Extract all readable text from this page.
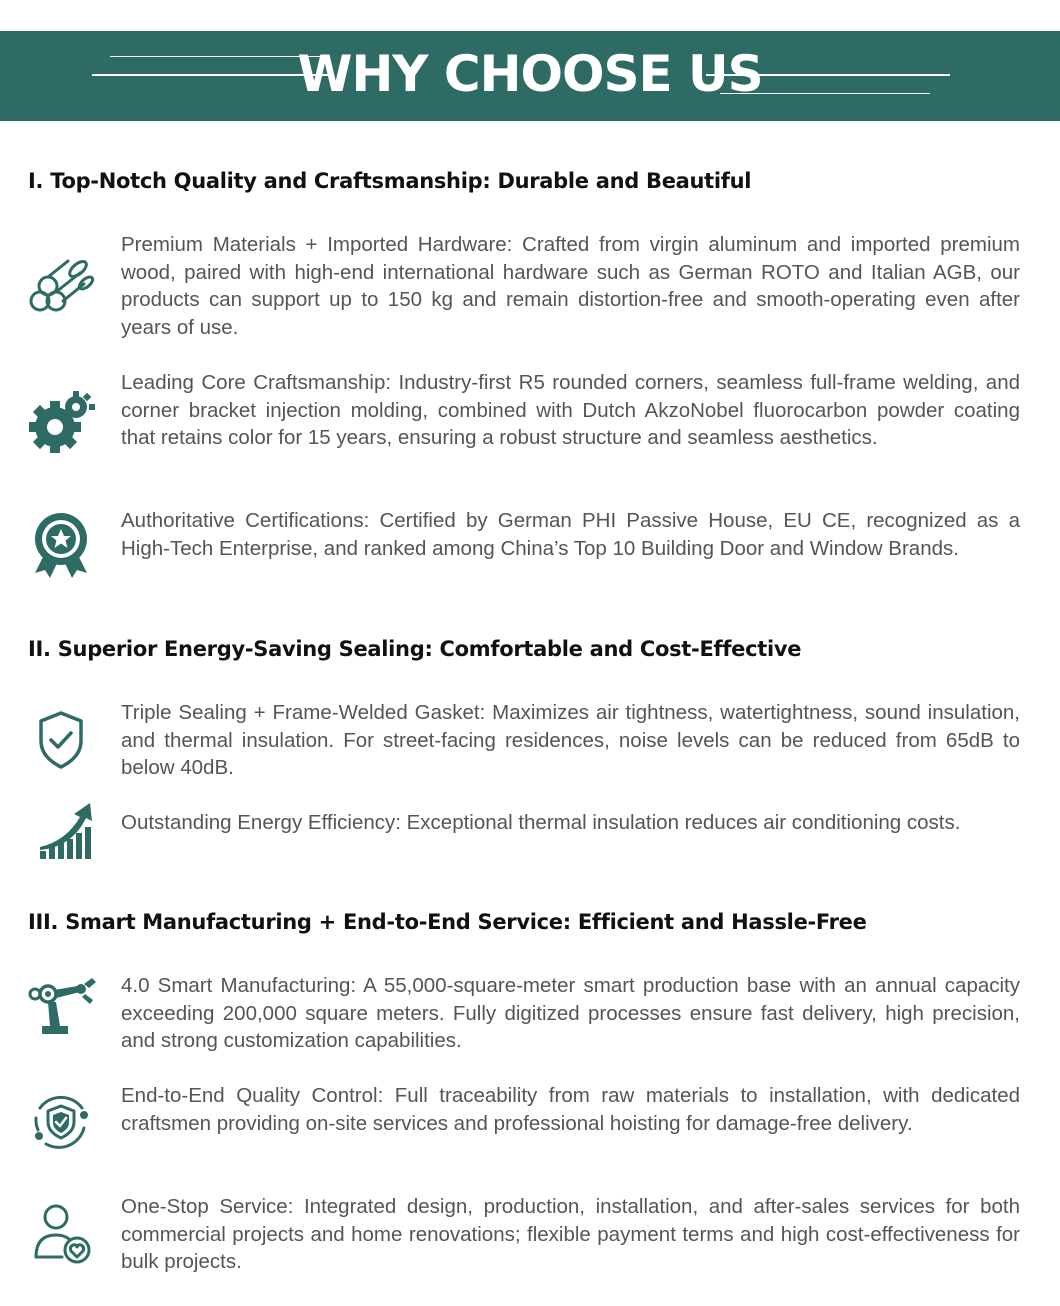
WHY CHOOSE US
I. Top-Notch Quality and Craftsmanship: Durable and Beautiful

Premium Materials + Imported Hardware: Crafted from virgin aluminum and imported premium wood, paired with high-end international hardware such as German ROTO and Italian AGB, our products can support up to 150 kg and remain distortion-free and smooth-operating even after years of use.

Leading Core Craftsmanship: Industry-first R5 rounded corners, seamless full-frame welding, and corner bracket injection molding, combined with Dutch AkzoNobel fluorocarbon powder coating that retains color for 15 years, ensuring a robust structure and seamless aesthetics.

Authoritative Certifications: Certified by German PHI Passive House, EU CE, recognized as a High-Tech Enterprise, and ranked among China’s Top 10 Building Door and Window Brands.

II. Superior Energy-Saving Sealing: Comfortable and Cost-Effective

Triple Sealing + Frame-Welded Gasket: Maximizes air tightness, watertightness, sound insulation, and thermal insulation. For street-facing residences, noise levels can be reduced from 65dB to below 40dB.

Outstanding Energy Efficiency: Exceptional thermal insulation reduces air conditioning costs.

III. Smart Manufacturing + End-to-End Service: Efficient and Hassle-Free

4.0 Smart Manufacturing: A 55,000-square-meter smart production base with an annual capacity exceeding 200,000 square meters. Fully digitized processes ensure fast delivery, high precision, and strong customization capabilities.

End-to-End Quality Control: Full traceability from raw materials to installation, with dedicated craftsmen providing on-site services and professional hoisting for damage-free delivery.

One-Stop Service: Integrated design, production, installation, and after-sales services for both commercial projects and home renovations; flexible payment terms and high cost-effectiveness for bulk projects.
